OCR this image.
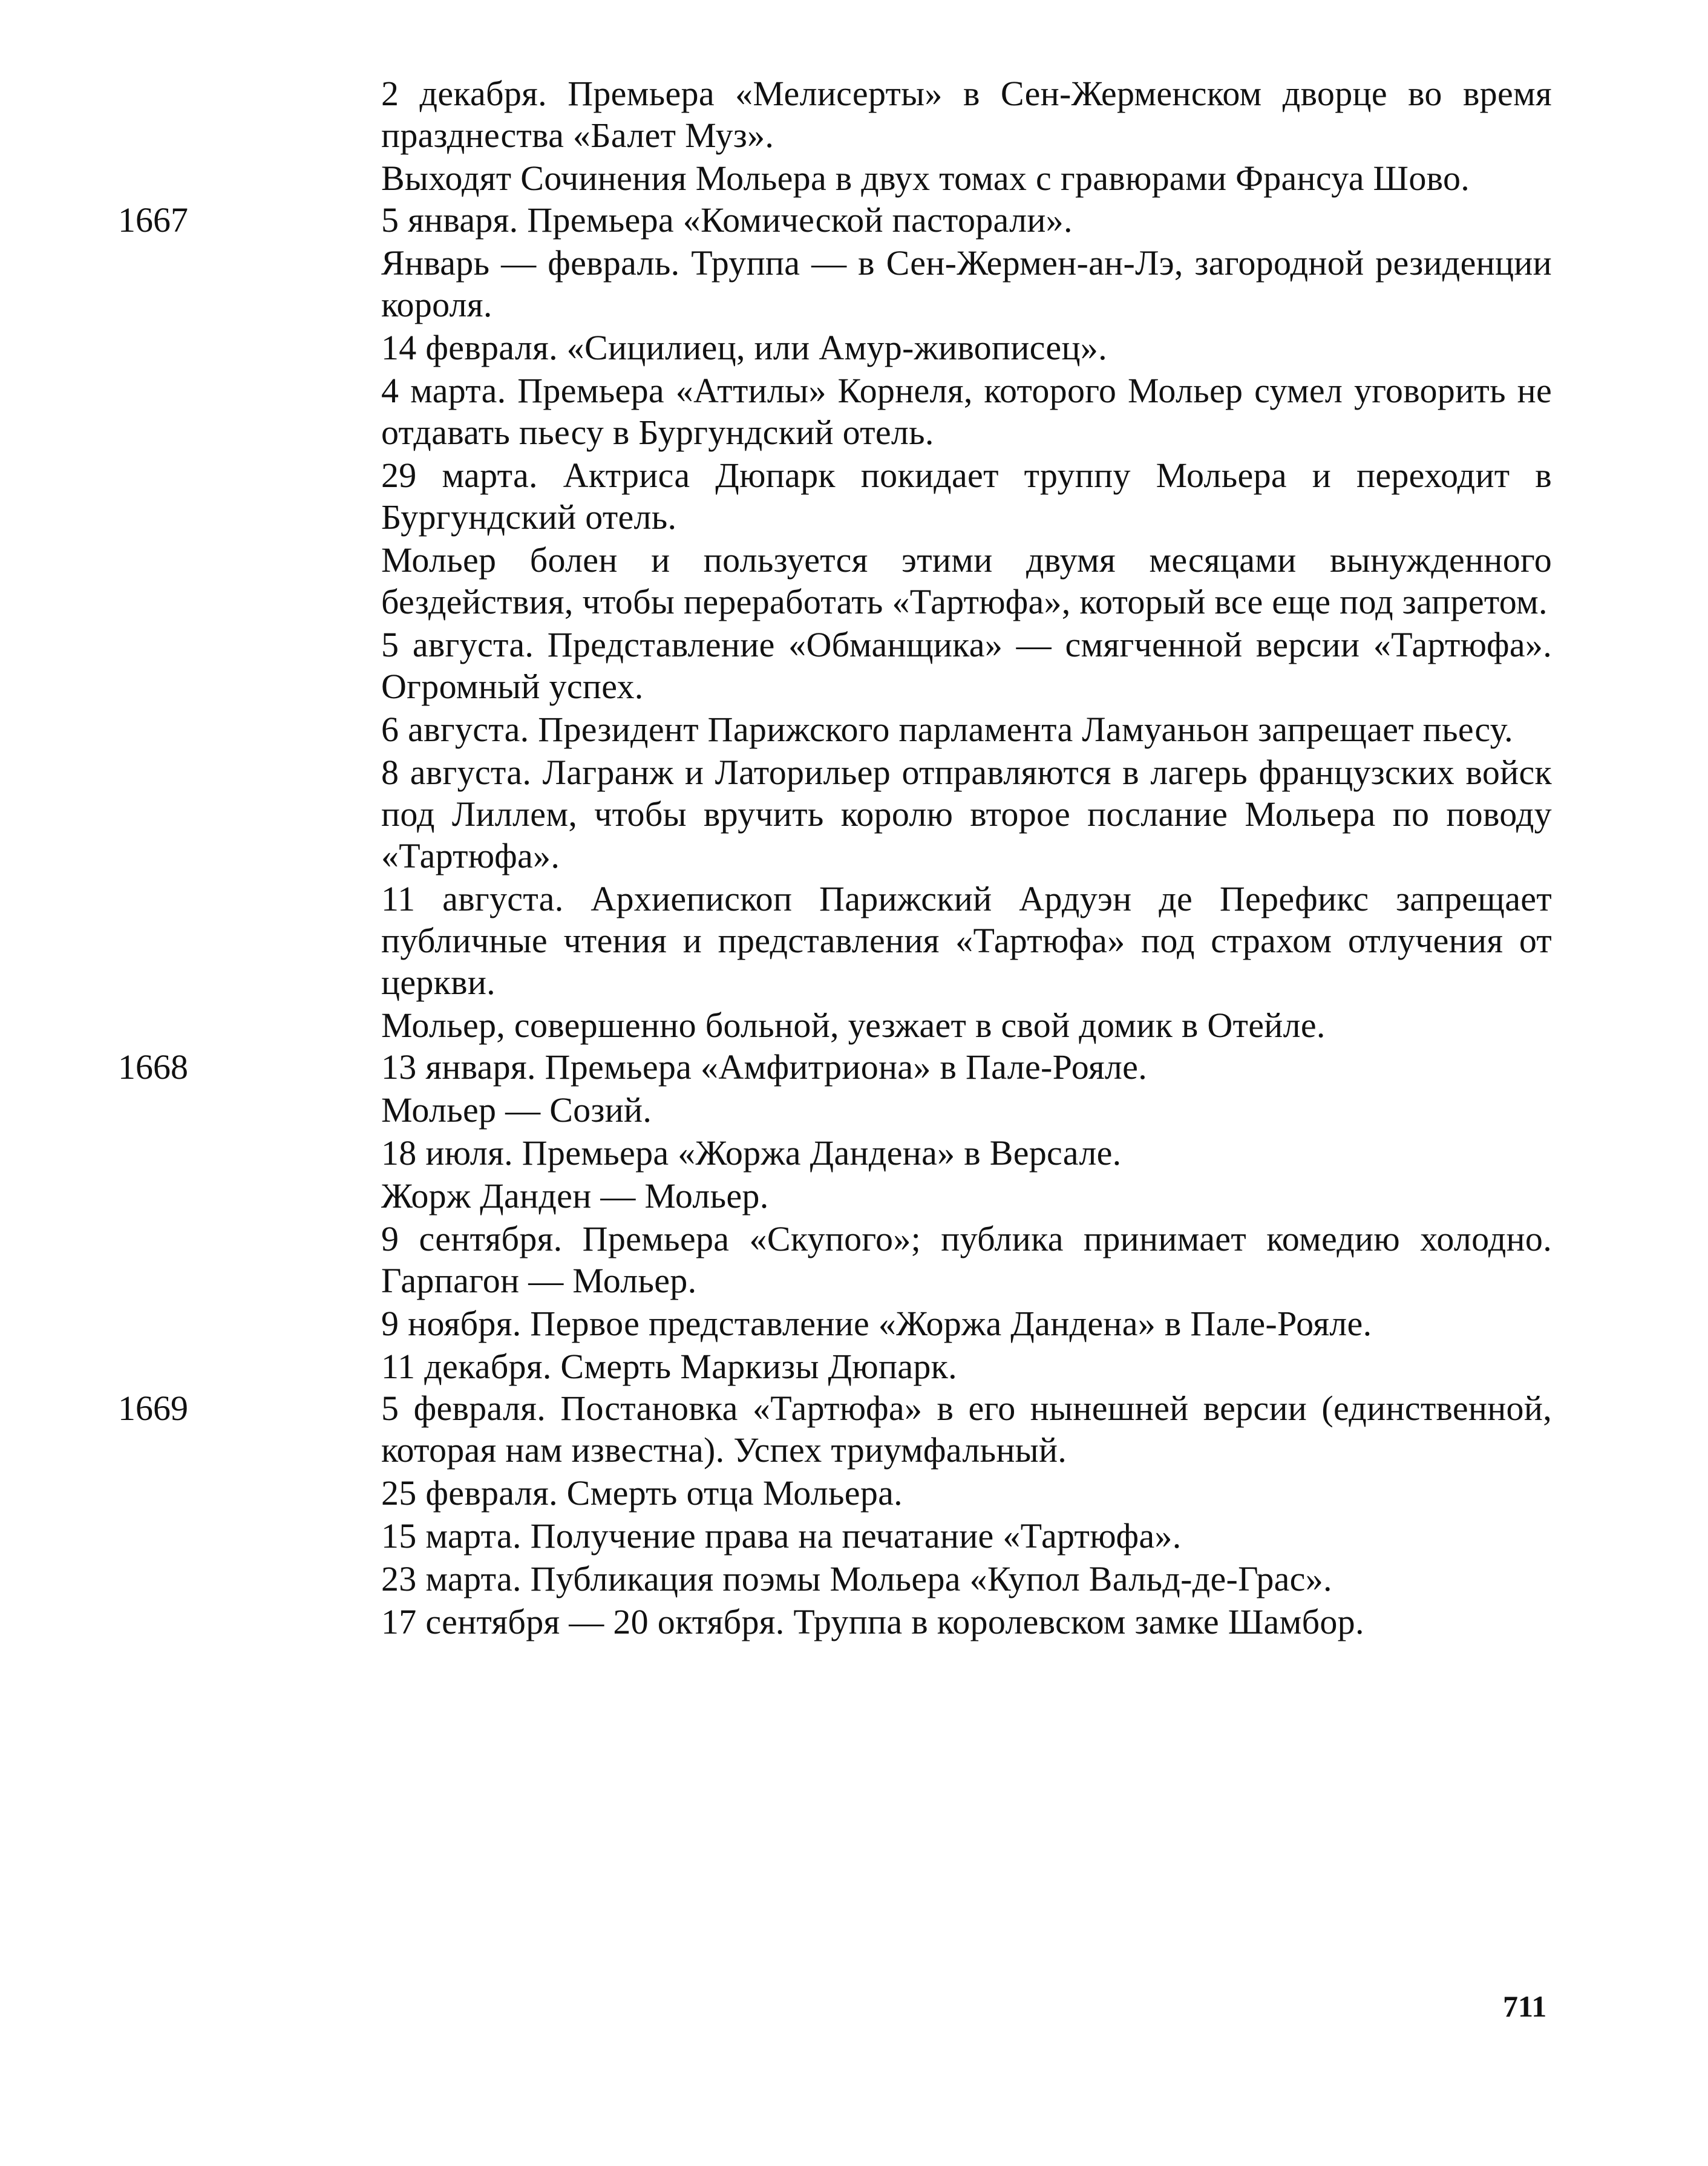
2 декабря. Премьера «Мелисерты» в Сен-Жерменском дворце во время празднества «Балет Муз».
Выходят Сочинения Мольера в двух томах с гравюрами Франсуа Шово.
1667	5 января. Премьера «Комической пасторали».
Январь — февраль. Труппа — в Сен-Жермен-ан-Лэ, загородной резиденции короля.
14 февраля. «Сицилиец, или Амур-живописец».
4 марта. Премьера «Аттилы» Корнеля, которого Мольер сумел уговорить не отдавать пьесу в Бургундский отель.
29 марта. Актриса Дюпарк покидает труппу Мольера и переходит в Бургундский отель.
Мольер болен и пользуется этими двумя месяцами вынужденного бездействия, чтобы переработать «Тартюфа», который все еще под запретом.
5 августа. Представление «Обманщика» — смягченной версии «Тартюфа». Огромный успех.
6 августа. Президент Парижского парламента Ламуаньон запрещает пьесу.
8 августа. Лагранж и Латорильер отправляются в лагерь французских войск под Лиллем, чтобы вручить королю второе послание Мольера по поводу «Тартюфа».
11 августа. Архиепископ Парижский Ардуэн де Перефикс запрещает публичные чтения и представления «Тартюфа» под страхом отлучения от церкви.
Мольер, совершенно больной, уезжает в свой домик в Отейле.
1668	13 января. Премьера «Амфитриона» в Пале-Рояле.
Мольер — Созий.
18 июля. Премьера «Жоржа Дандена» в Версале.
Жорж Данден — Мольер.
9 сентября. Премьера «Скупого»; публика принимает комедию холодно. Гарпагон — Мольер.
9 ноября. Первое представление «Жоржа Дандена» в Пале-Рояле.
11 декабря. Смерть Маркизы Дюпарк.
1669	5 февраля. Постановка «Тартюфа» в его нынешней версии (единственной, которая нам известна). Успех триумфальный.
25 февраля. Смерть отца Мольера.
15 марта. Получение права на печатание «Тартюфа».
23 марта. Публикация поэмы Мольера «Купол Вальд-де-Грас».
17 сентября — 20 октября. Труппа в королевском замке Шамбор.
711
